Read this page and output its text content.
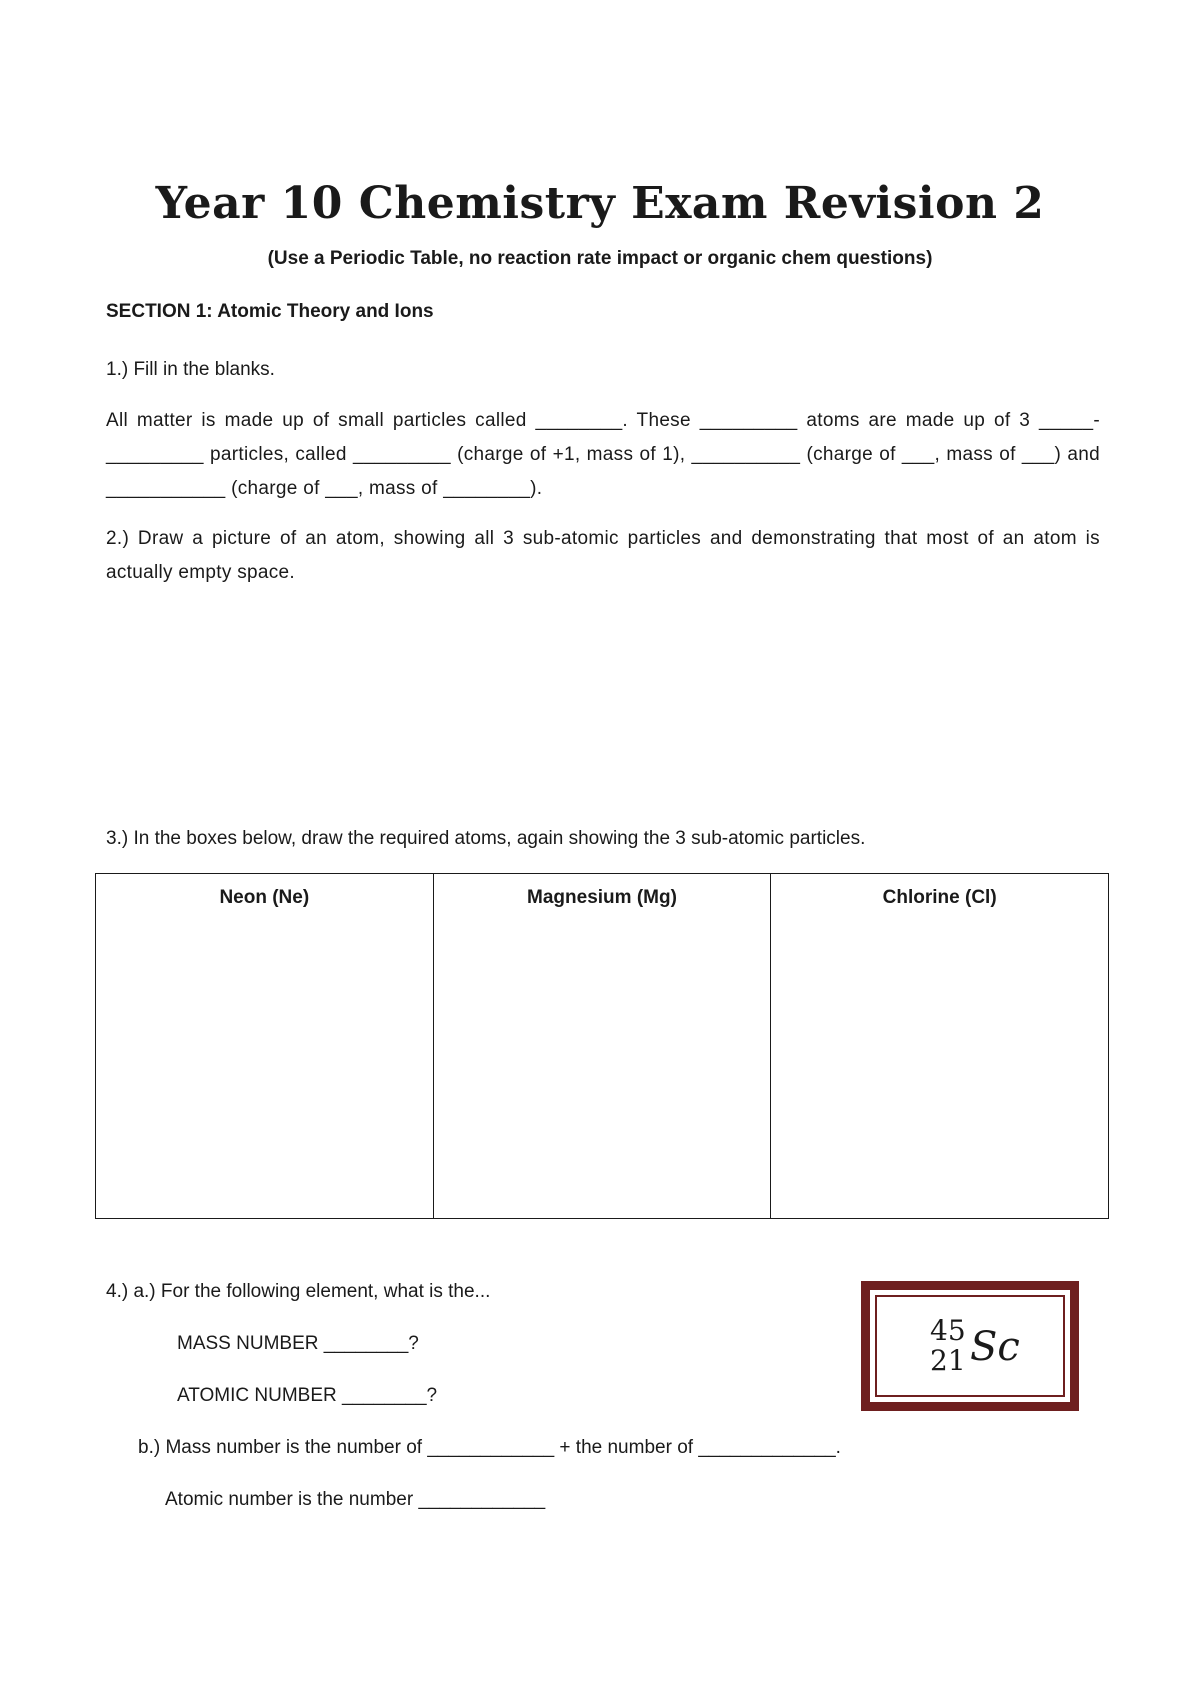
Year 10 Chemistry Exam Revision 2
(Use a Periodic Table, no reaction rate impact or organic chem questions)
SECTION 1: Atomic Theory and Ions
1.) Fill in the blanks.
All matter is made up of small particles called ________. These _________ atoms are made up of 3 _____-_________ particles, called _________ (charge of +1, mass of 1), __________ (charge of ___, mass of ___) and ___________ (charge of ___, mass of ________).
2.) Draw a picture of an atom, showing all 3 sub-atomic particles and demonstrating that most of an atom is actually empty space.
3.) In the boxes below, draw the required atoms, again showing the 3 sub-atomic particles.
Neon (Ne)	Magnesium (Mg)	Chlorine (Cl)
4.) a.) For the following element, what is the...
MASS NUMBER ________?
ATOMIC NUMBER ________?
b.) Mass number is the number of ____________ + the number of _____________.
Atomic number is the number ____________
45
21 Sc
